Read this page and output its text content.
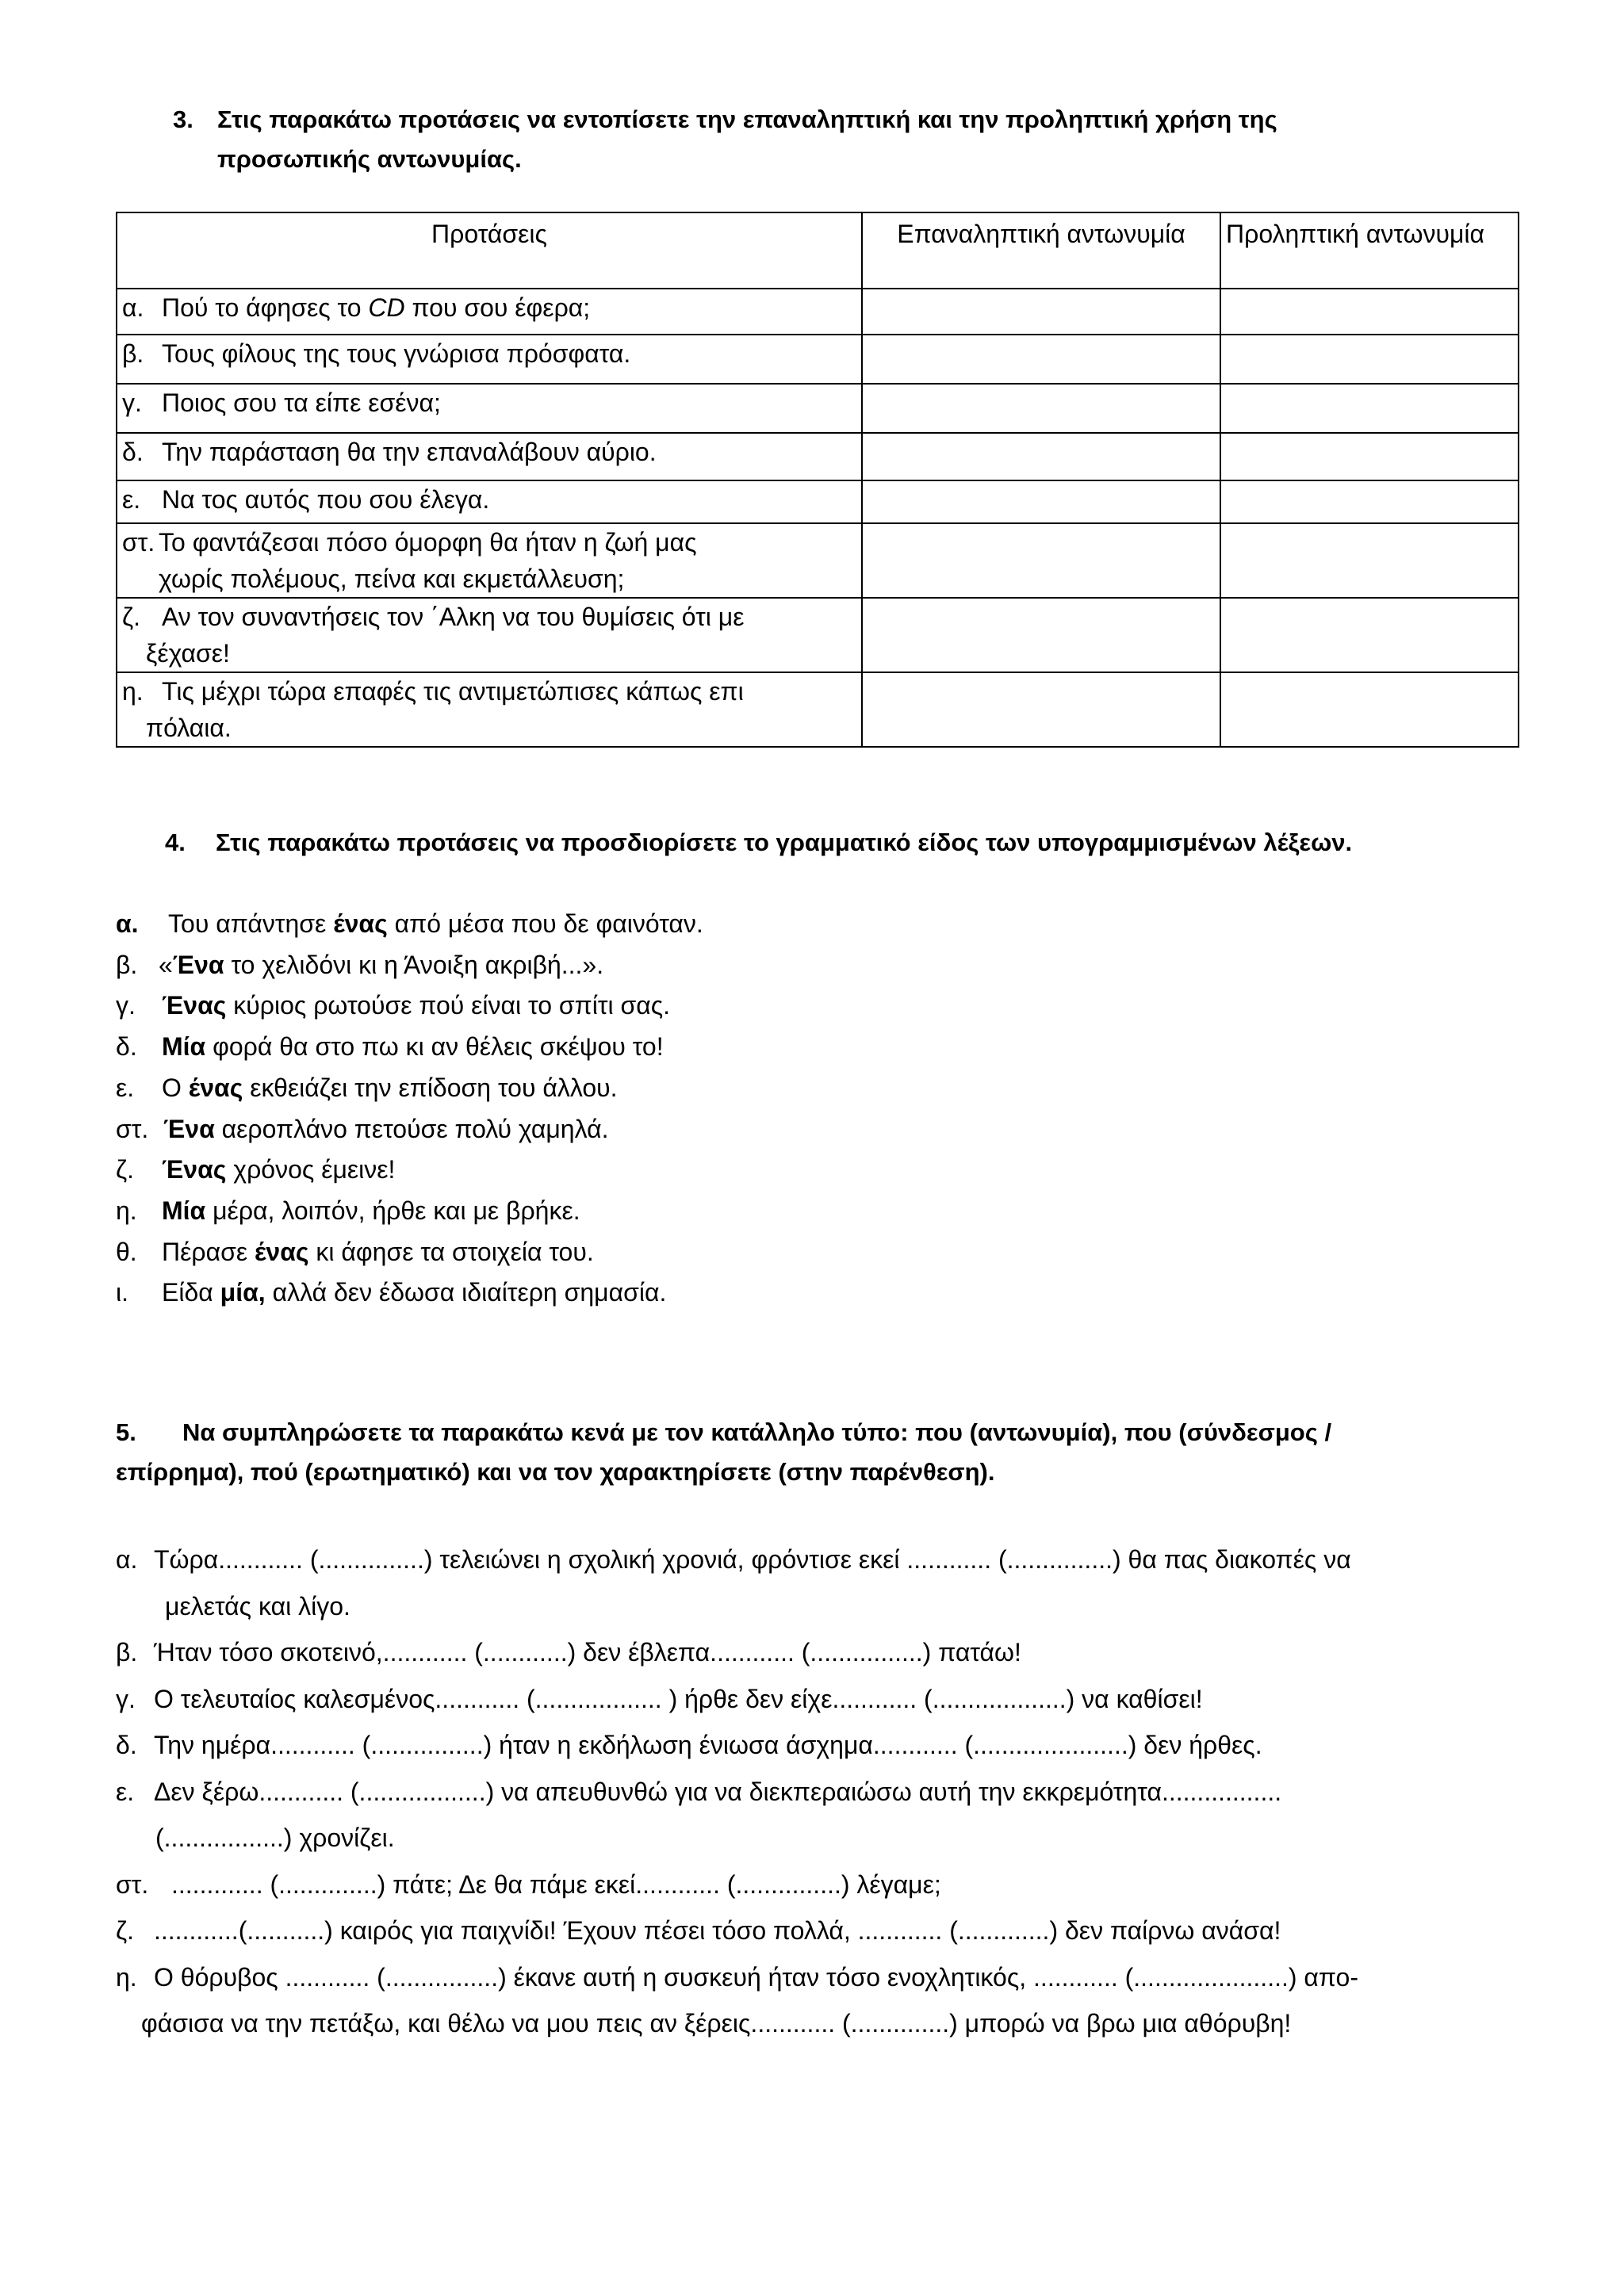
3. Στις παρακάτω προτάσεις να εντοπίσετε την επαναληπτική και την προληπτική χρήση της
προσωπικής αντωνυμίας.
Προτάσεις	Επαναληπτική αντωνυμία	Προληπτική αντωνυμία

α. Πού το άφησες το CD που σου έφερα;		

β. Τους φίλους της τους γνώρισα πρόσφατα.		

γ. Ποιος σου τα είπε εσένα;		

δ. Την παράσταση θα την επαναλάβουν αύριο.		

ε. Να τος αυτός που σου έλεγα.		

στ. Το φαντάζεσαι πόσο όμορφη θα ήταν η ζωή μας
χωρίς πολέμους, πείνα και εκμετάλλευση;		

ζ. Αν τον συναντήσεις τον ΄Αλκη να του θυμίσεις ότι με
ξέχασε!		

η. Τις μέχρι τώρα επαφές τις αντιμετώπισες κάπως επι
πόλαια.		

4. Στις παρακάτω προτάσεις να προσδιορίσετε το γραμματικό είδος των υπογραμμισμένων λέξεων.
α. Του απάντησε ένας από μέσα που δε φαινόταν.
β. «Ένα το χελιδόνι κι η Άνοιξη ακριβή...».
γ. Ένας κύριος ρωτούσε πού είναι το σπίτι σας.
δ. Μία φορά θα στο πω κι αν θέλεις σκέψου το!
ε. Ο ένας εκθειάζει την επίδοση του άλλου.
στ. Ένα αεροπλάνο πετούσε πολύ χαμηλά.
ζ. Ένας χρόνος έμεινε!
η. Μία μέρα, λοιπόν, ήρθε και με βρήκε.
θ. Πέρασε ένας κι άφησε τα στοιχεία του.
ι. Είδα μία, αλλά δεν έδωσα ιδιαίτερη σημασία.
5. Να συμπληρώσετε τα παρακάτω κενά με τον κατάλληλο τύπο: που (αντωνυμία), που (σύνδεσμος /
επίρρημα), πού (ερωτηματικό) και να τον χαρακτηρίσετε (στην παρένθεση).
α. Τώρα............ (...............) τελειώνει η σχολική χρονιά, φρόντισε εκεί ............ (...............) θα πας διακοπές να
μελετάς και λίγο.
β. Ήταν τόσο σκοτεινό,............ (............) δεν έβλεπα............ (................) πατάω!
γ. Ο τελευταίος καλεσμένος............ (.................. ) ήρθε δεν είχε............ (...................) να καθίσει!
δ. Την ημέρα............ (................) ήταν η εκδήλωση ένιωσα άσχημα............ (......................) δεν ήρθες.
ε. Δεν ξέρω............ (..................) να απευθυνθώ για να διεκπεραιώσω αυτή την εκκρεμότητα.................
(.................) χρονίζει.
στ. ............. (..............) πάτε; Δε θα πάμε εκεί............ (...............) λέγαμε;
ζ. ............(...........) καιρός για παιχνίδι! Έχουν πέσει τόσο πολλά, ............ (.............) δεν παίρνω ανάσα!
η. Ο θόρυβος ............ (................) έκανε αυτή η συσκευή ήταν τόσο ενοχλητικός, ............ (......................) απο-
φάσισα να την πετάξω, και θέλω να μου πεις αν ξέρεις............ (..............) μπορώ να βρω μια αθόρυβη!
